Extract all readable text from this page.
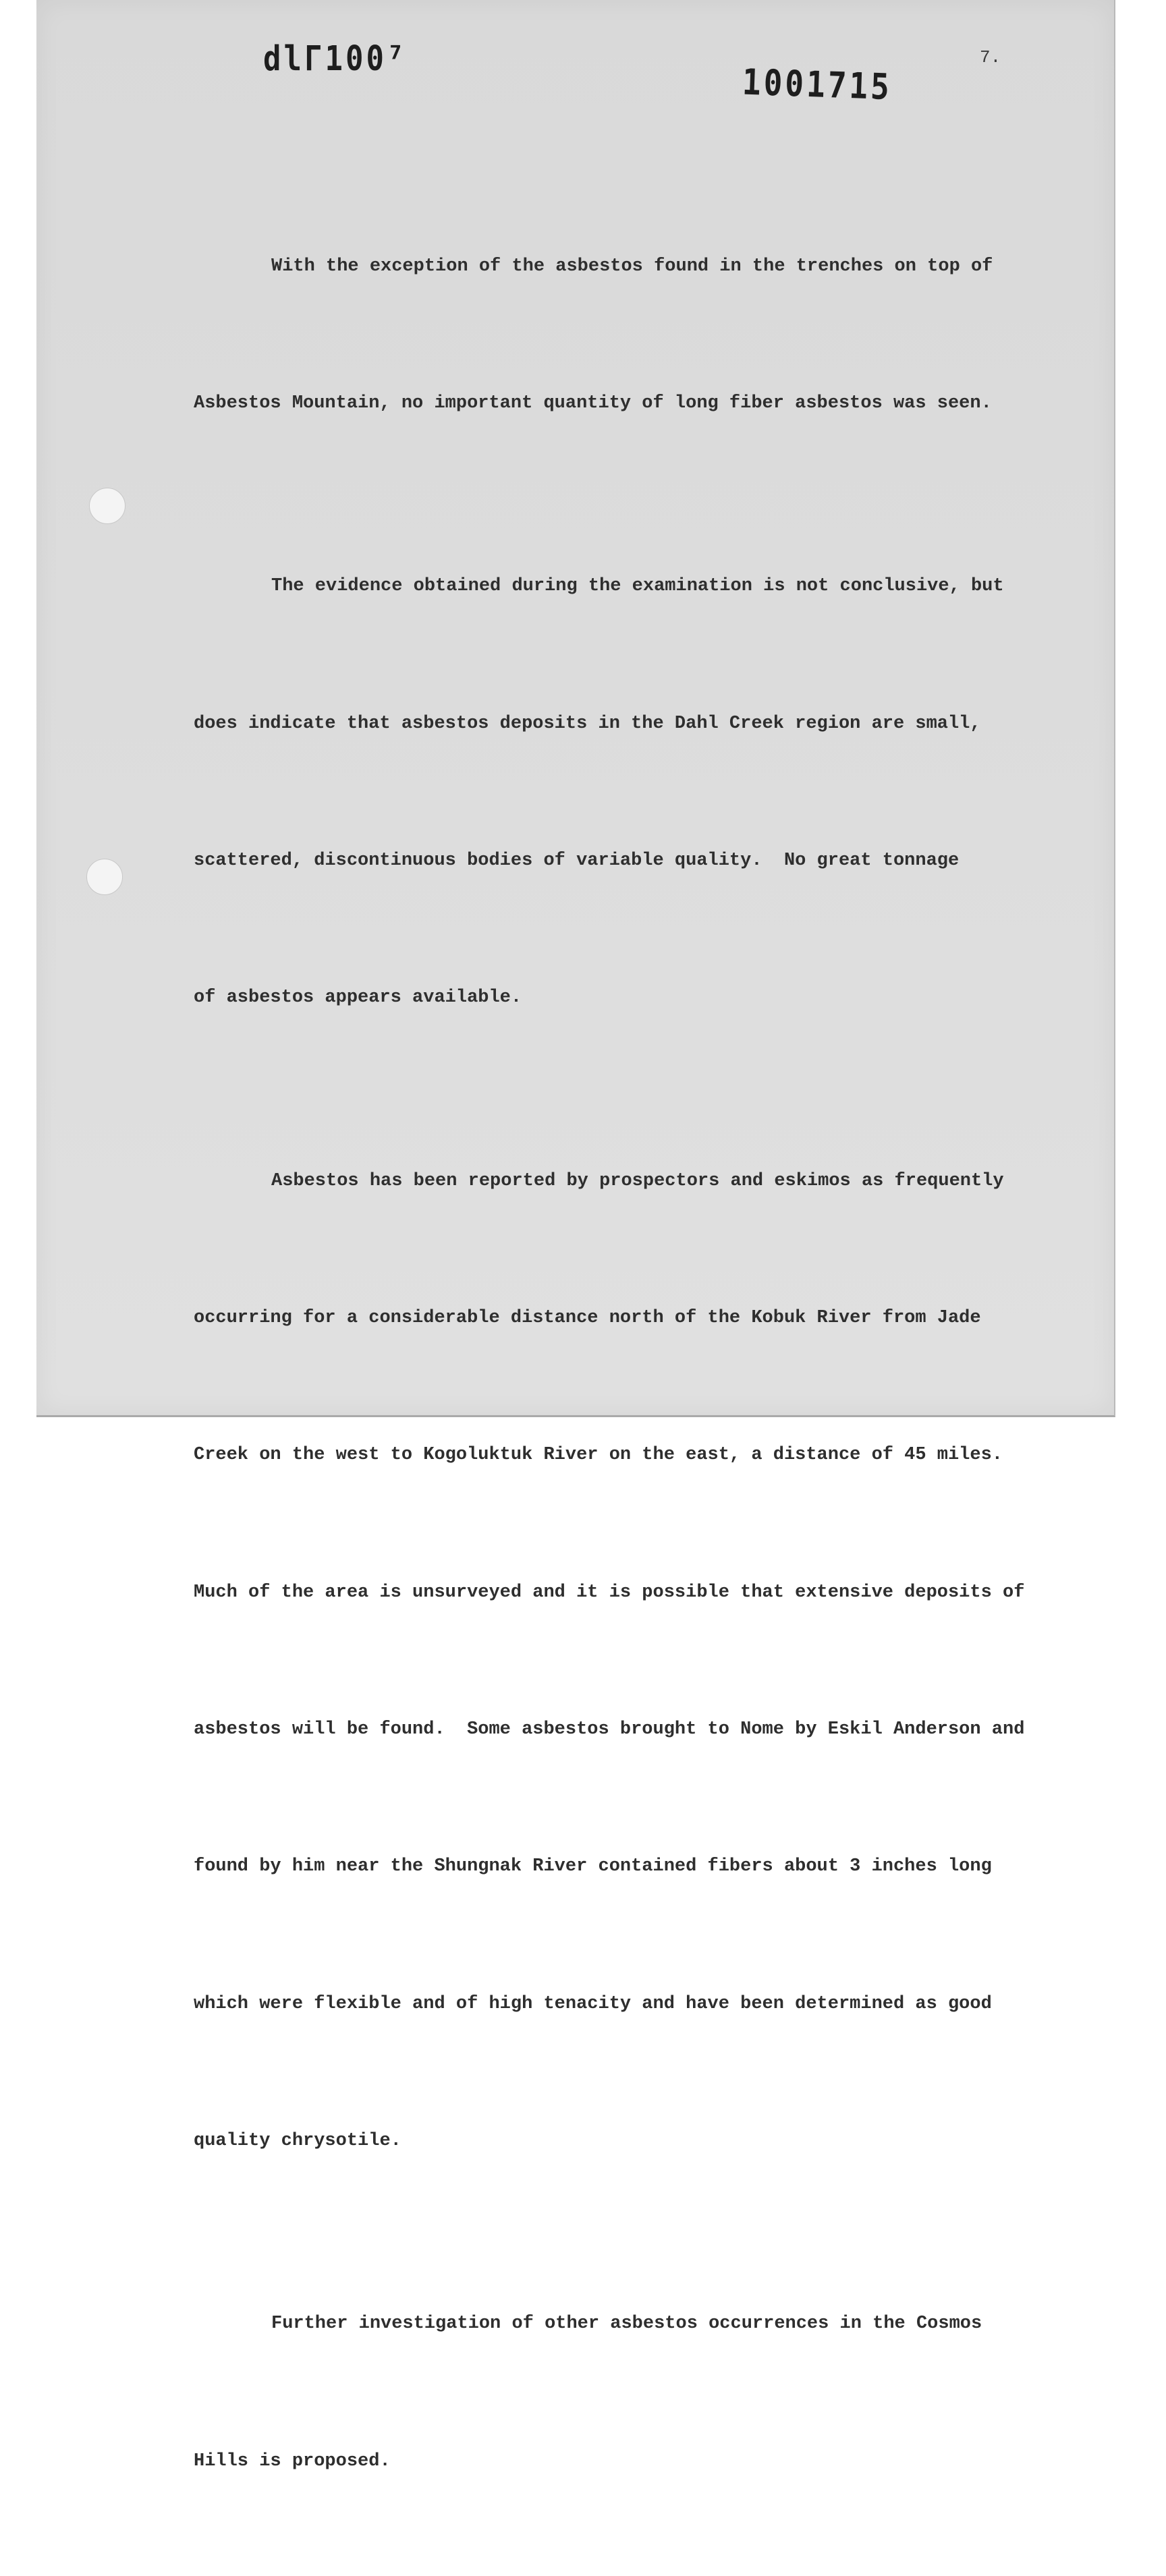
dlΓ100⁷
1001715
7.

With the exception of the asbestos found in the trenches on top of

Asbestos Mountain, no important quantity of long fiber asbestos was seen.

The evidence obtained during the examination is not conclusive, but

does indicate that asbestos deposits in the Dahl Creek region are small,

scattered, discontinuous bodies of variable quality.  No great tonnage

of asbestos appears available.

Asbestos has been reported by prospectors and eskimos as frequently

occurring for a considerable distance north of the Kobuk River from Jade

Creek on the west to Kogoluktuk River on the east, a distance of 45 miles.

Much of the area is unsurveyed and it is possible that extensive deposits of

asbestos will be found.  Some asbestos brought to Nome by Eskil Anderson and

found by him near the Shungnak River contained fibers about 3 inches long

which were flexible and of high tenacity and have been determined as good

quality chrysotile.

Further investigation of other asbestos occurrences in the Cosmos

Hills is proposed.
